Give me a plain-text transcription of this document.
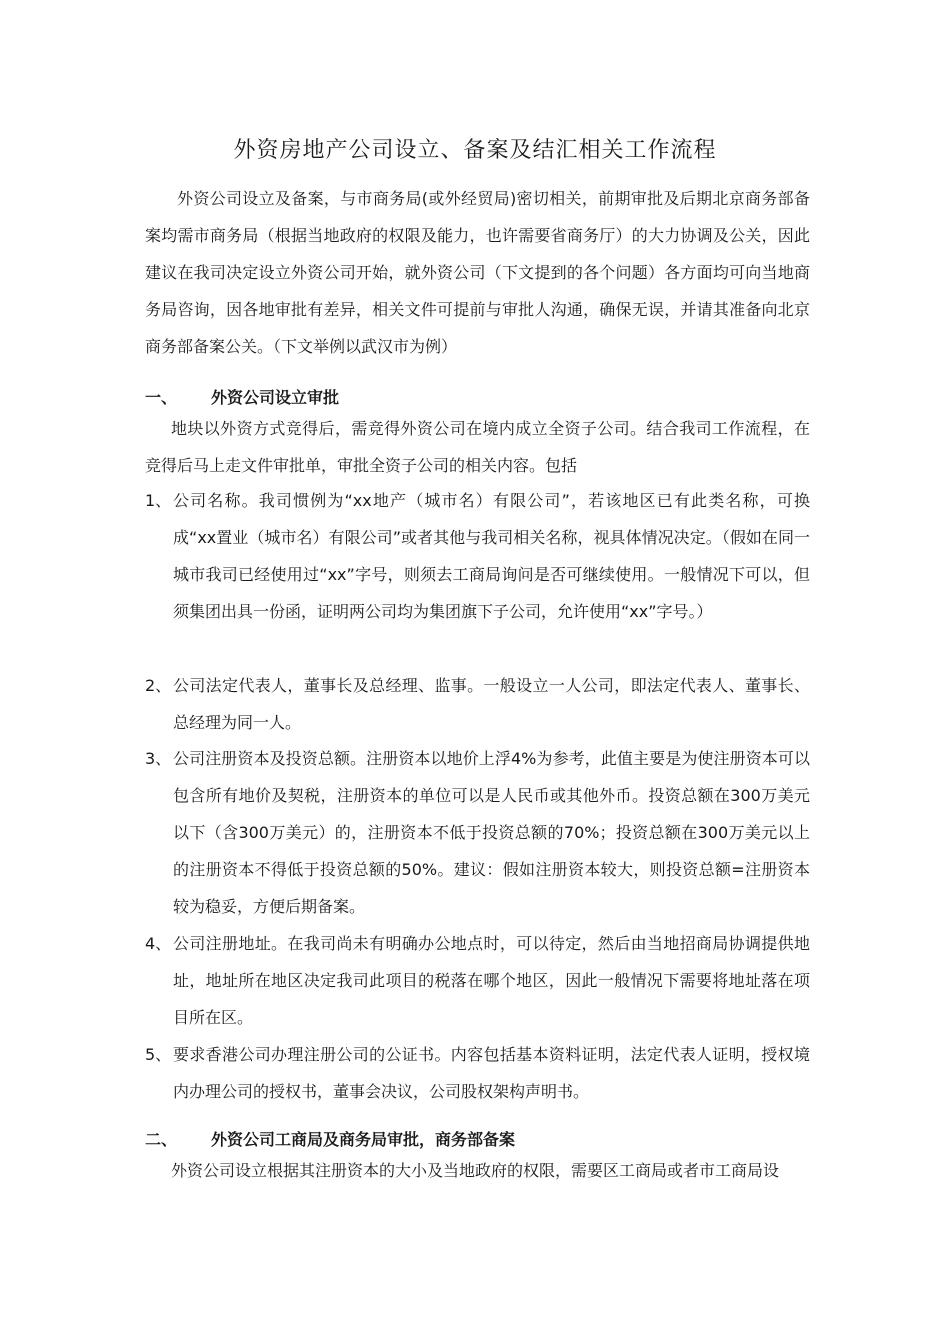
外资房地产公司设立、备案及结汇相关工作流程
外资公司设立及备案，与市商务局(或外经贸局)密切相关，前期审批及后期北京商务部备案均需市商务局（根据当地政府的权限及能力，也许需要省商务厅）的大力协调及公关，因此建议在我司决定设立外资公司开始，就外资公司（下文提到的各个问题）各方面均可向当地商务局咨询，因各地审批有差异，相关文件可提前与审批人沟通，确保无误，并请其准备向北京商务部备案公关。（下文举例以武汉市为例）
一、 外资公司设立审批
地块以外资方式竞得后，需竞得外资公司在境内成立全资子公司。结合我司工作流程，在竞得后马上走文件审批单，审批全资子公司的相关内容。包括
1、 公司名称。我司惯例为“xx地产（城市名）有限公司”，若该地区已有此类名称，可换成“xx置业（城市名）有限公司”或者其他与我司相关名称，视具体情况决定。（假如在同一城市我司已经使用过“xx”字号，则须去工商局询问是否可继续使用。一般情况下可以，但须集团出具一份函，证明两公司均为集团旗下子公司，允许使用“xx”字号。）
2、 公司法定代表人，董事长及总经理、监事。一般设立一人公司，即法定代表人、董事长、总经理为同一人。
3、 公司注册资本及投资总额。注册资本以地价上浮4%为参考，此值主要是为使注册资本可以包含所有地价及契税，注册资本的单位可以是人民币或其他外币。投资总额在300万美元以下（含300万美元）的，注册资本不低于投资总额的70%；投资总额在300万美元以上的注册资本不得低于投资总额的50%。建议：假如注册资本较大，则投资总额=注册资本较为稳妥，方便后期备案。
4、 公司注册地址。在我司尚未有明确办公地点时，可以待定，然后由当地招商局协调提供地址，地址所在地区决定我司此项目的税落在哪个地区，因此一般情况下需要将地址落在项目所在区。
5、 要求香港公司办理注册公司的公证书。内容包括基本资料证明，法定代表人证明，授权境内办理公司的授权书，董事会决议，公司股权架构声明书。
二、 外资公司工商局及商务局审批，商务部备案
外资公司设立根据其注册资本的大小及当地政府的权限，需要区工商局或者市工商局设
